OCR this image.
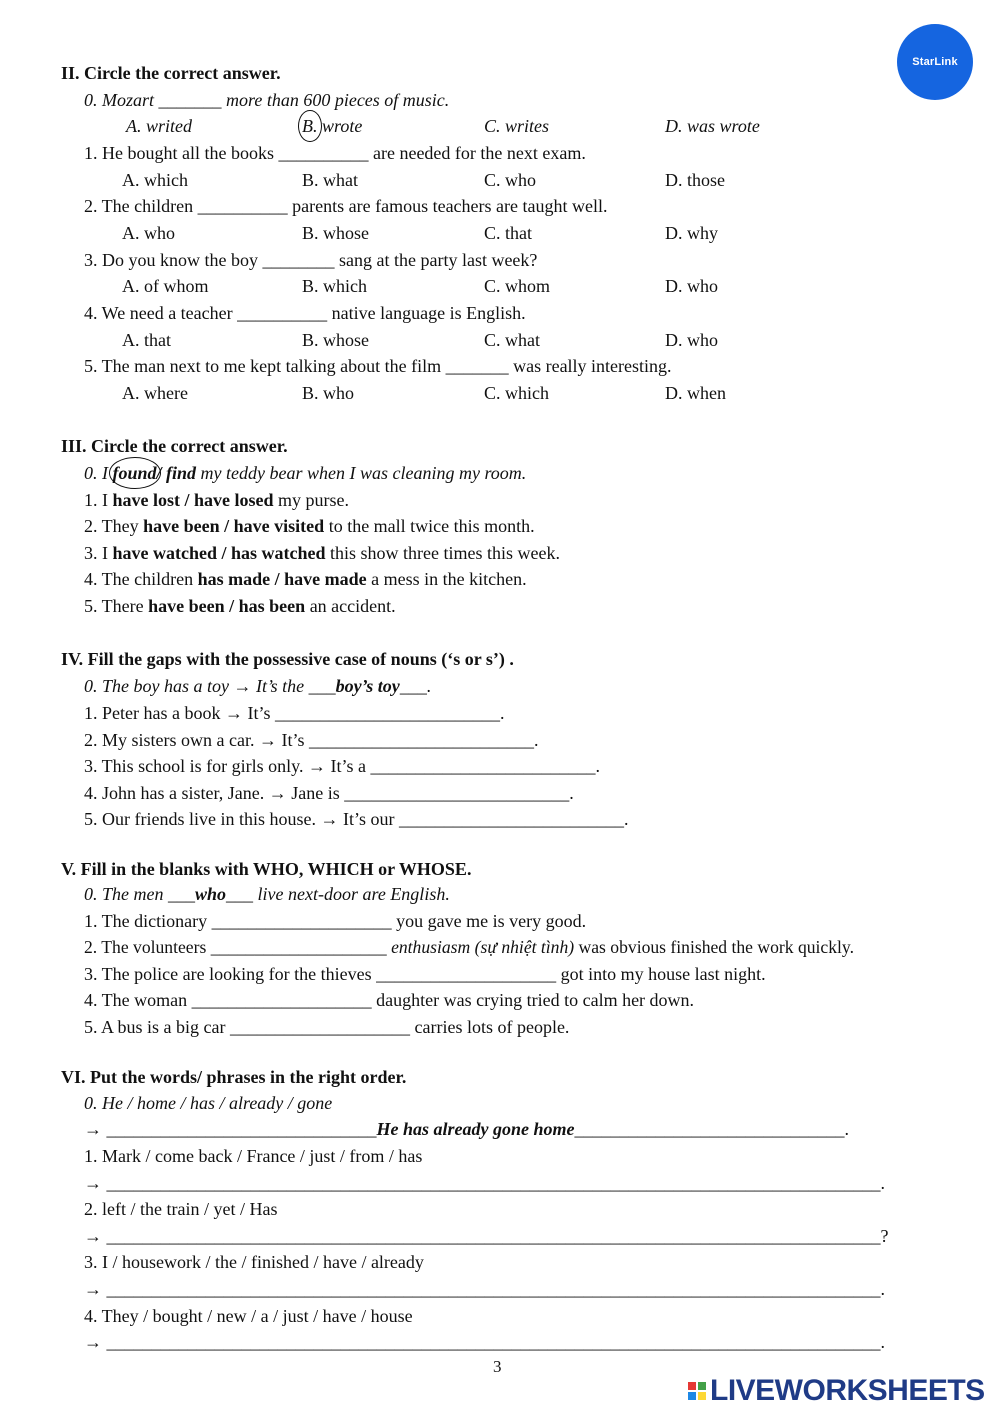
StarLink
II. Circle the correct answer.
0. Mozart _______ more than 600 pieces of music.
A. writed	B. wrote	C. writes	D. was wrote
1. He bought all the books __________ are needed for the next exam.
A. which	B. what	C. who	D. those
2. The children __________ parents are famous teachers are taught well.
A. who	B. whose	C. that	D. why
3. Do you know the boy ________ sang at the party last week?
A. of whom	B. which	C. whom	D. who
4. We need a teacher __________ native language is English.
A. that	B. whose	C. what	D. who
5. The man next to me kept talking about the film _______ was really interesting.
A. where	B. who	C. which	D. when
III. Circle the correct answer.
0. I found/ find my teddy bear when I was cleaning my room.
1. I have lost / have losed my purse.
2. They have been / have visited to the mall twice this month.
3. I have watched / has watched this show three times this week.
4. The children has made / have made a mess in the kitchen.
5. There have been / has been an accident.
IV. Fill the gaps with the possessive case of nouns (‘s or s’) .
0. The boy has a toy → It’s the ___boy’s toy___.
1. Peter has a book → It’s _________________________.
2. My sisters own a car. → It’s _________________________.
3. This school is for girls only. → It’s a _________________________.
4. John has a sister, Jane. → Jane is _________________________.
5. Our friends live in this house. → It’s our _________________________.
V. Fill in the blanks with WHO, WHICH or WHOSE.
0. The men ___who___ live next-door are English.
1. The dictionary ____________________ you gave me is very good.
2. The volunteers ____________________ enthusiasm (sự nhiệt tình) was obvious finished the work quickly.
3. The police are looking for the thieves ____________________ got into my house last night.
4. The woman ____________________ daughter was crying tried to calm her down.
5. A bus is a big car ____________________ carries lots of people.
VI. Put the words/ phrases in the right order.
0. He / home / has / already / gone
→ ______________________________He has already gone home______________________________.
1. Mark / come back / France / just / from / has
→ ______________________________________________________________________________________.
2. left / the train / yet / Has
→ ______________________________________________________________________________________?
3. I / housework / the / finished / have / already
→ ______________________________________________________________________________________.
4. They / bought / new / a / just / have / house
→ ______________________________________________________________________________________.
3
LIVEWORKSHEETS
